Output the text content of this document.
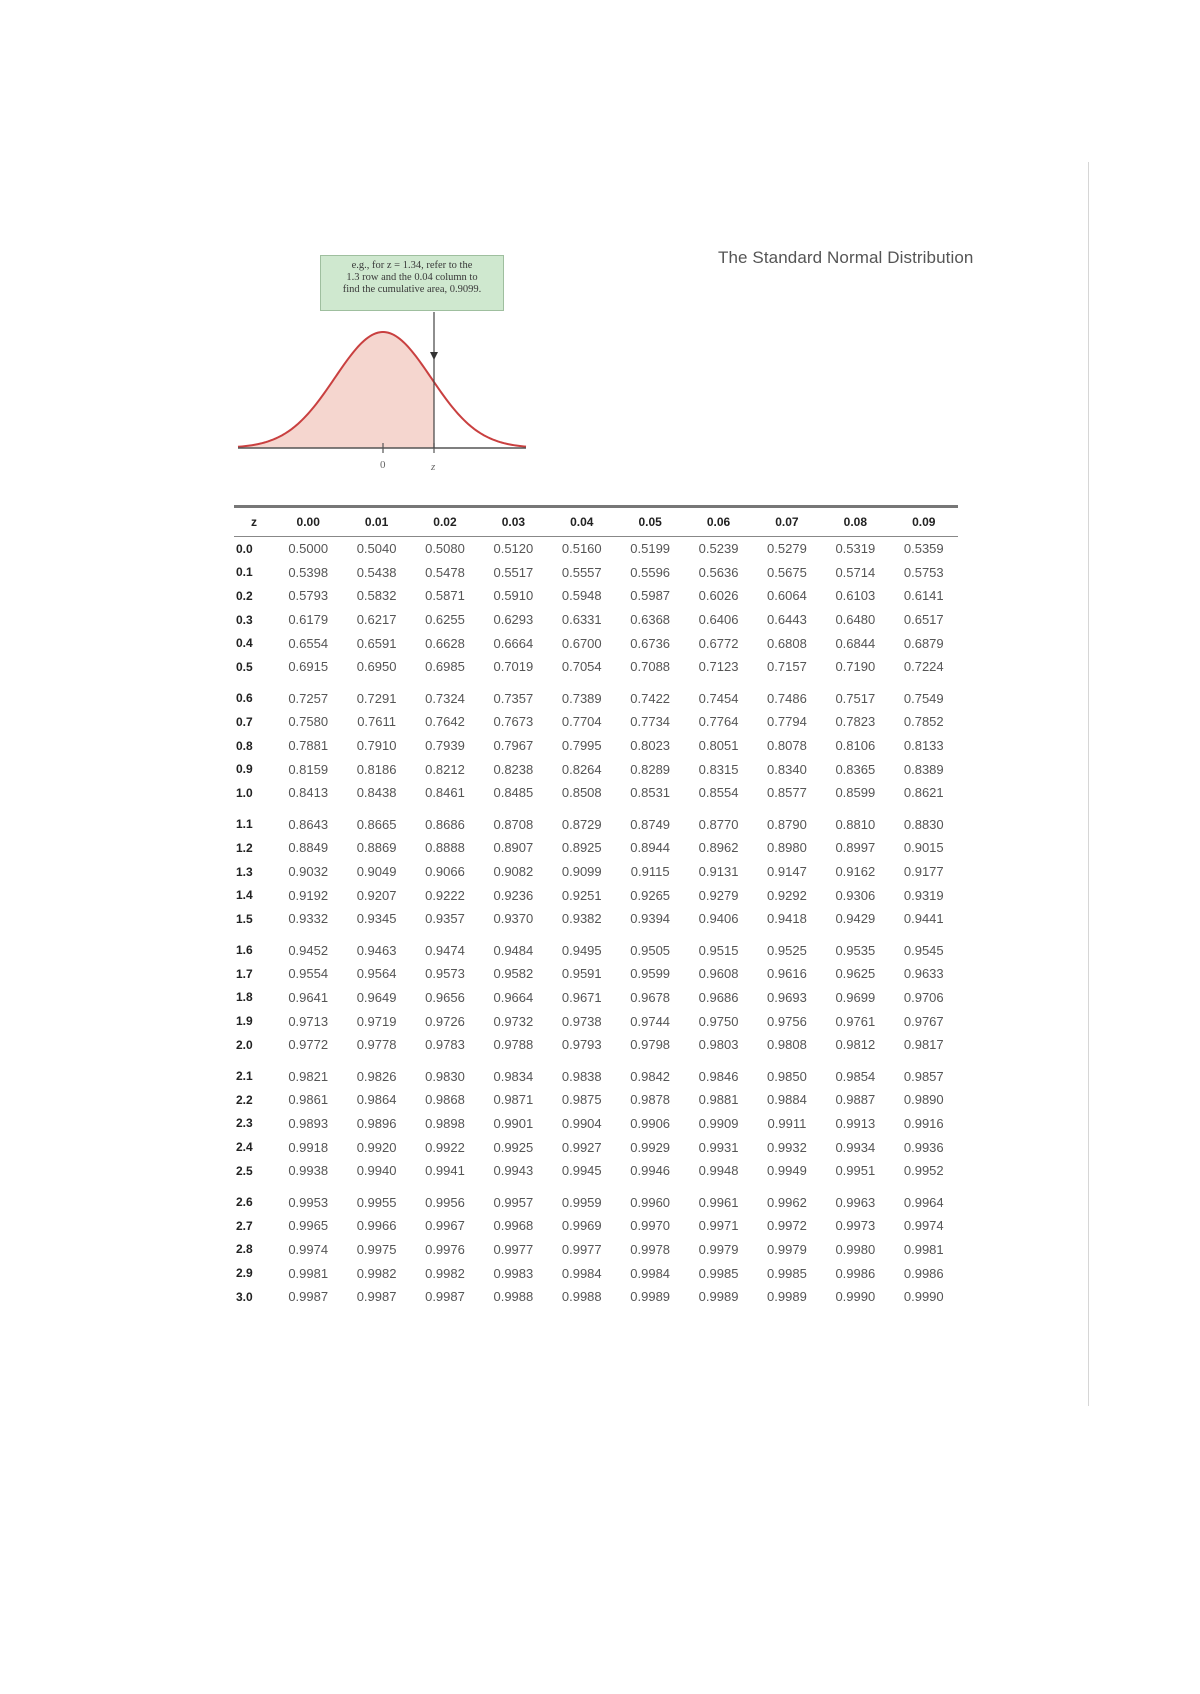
The Standard Normal Distribution
0	z
e.g., for z = 1.34, refer to the
1.3 row and the 0.04 column to
find the cumulative area, 0.9099.
z	0.00	0.01	0.02	0.03	0.04	0.05	0.06	0.07	0.08	0.09
0.0	0.5000	0.5040	0.5080	0.5120	0.5160	0.5199	0.5239	0.5279	0.5319	0.5359
0.1	0.5398	0.5438	0.5478	0.5517	0.5557	0.5596	0.5636	0.5675	0.5714	0.5753
0.2	0.5793	0.5832	0.5871	0.5910	0.5948	0.5987	0.6026	0.6064	0.6103	0.6141
0.3	0.6179	0.6217	0.6255	0.6293	0.6331	0.6368	0.6406	0.6443	0.6480	0.6517
0.4	0.6554	0.6591	0.6628	0.6664	0.6700	0.6736	0.6772	0.6808	0.6844	0.6879
0.5	0.6915	0.6950	0.6985	0.7019	0.7054	0.7088	0.7123	0.7157	0.7190	0.7224

0.6	0.7257	0.7291	0.7324	0.7357	0.7389	0.7422	0.7454	0.7486	0.7517	0.7549
0.7	0.7580	0.7611	0.7642	0.7673	0.7704	0.7734	0.7764	0.7794	0.7823	0.7852
0.8	0.7881	0.7910	0.7939	0.7967	0.7995	0.8023	0.8051	0.8078	0.8106	0.8133
0.9	0.8159	0.8186	0.8212	0.8238	0.8264	0.8289	0.8315	0.8340	0.8365	0.8389
1.0	0.8413	0.8438	0.8461	0.8485	0.8508	0.8531	0.8554	0.8577	0.8599	0.8621

1.1	0.8643	0.8665	0.8686	0.8708	0.8729	0.8749	0.8770	0.8790	0.8810	0.8830
1.2	0.8849	0.8869	0.8888	0.8907	0.8925	0.8944	0.8962	0.8980	0.8997	0.9015
1.3	0.9032	0.9049	0.9066	0.9082	0.9099	0.9115	0.9131	0.9147	0.9162	0.9177
1.4	0.9192	0.9207	0.9222	0.9236	0.9251	0.9265	0.9279	0.9292	0.9306	0.9319
1.5	0.9332	0.9345	0.9357	0.9370	0.9382	0.9394	0.9406	0.9418	0.9429	0.9441

1.6	0.9452	0.9463	0.9474	0.9484	0.9495	0.9505	0.9515	0.9525	0.9535	0.9545
1.7	0.9554	0.9564	0.9573	0.9582	0.9591	0.9599	0.9608	0.9616	0.9625	0.9633
1.8	0.9641	0.9649	0.9656	0.9664	0.9671	0.9678	0.9686	0.9693	0.9699	0.9706
1.9	0.9713	0.9719	0.9726	0.9732	0.9738	0.9744	0.9750	0.9756	0.9761	0.9767
2.0	0.9772	0.9778	0.9783	0.9788	0.9793	0.9798	0.9803	0.9808	0.9812	0.9817

2.1	0.9821	0.9826	0.9830	0.9834	0.9838	0.9842	0.9846	0.9850	0.9854	0.9857
2.2	0.9861	0.9864	0.9868	0.9871	0.9875	0.9878	0.9881	0.9884	0.9887	0.9890
2.3	0.9893	0.9896	0.9898	0.9901	0.9904	0.9906	0.9909	0.9911	0.9913	0.9916
2.4	0.9918	0.9920	0.9922	0.9925	0.9927	0.9929	0.9931	0.9932	0.9934	0.9936
2.5	0.9938	0.9940	0.9941	0.9943	0.9945	0.9946	0.9948	0.9949	0.9951	0.9952

2.6	0.9953	0.9955	0.9956	0.9957	0.9959	0.9960	0.9961	0.9962	0.9963	0.9964
2.7	0.9965	0.9966	0.9967	0.9968	0.9969	0.9970	0.9971	0.9972	0.9973	0.9974
2.8	0.9974	0.9975	0.9976	0.9977	0.9977	0.9978	0.9979	0.9979	0.9980	0.9981
2.9	0.9981	0.9982	0.9982	0.9983	0.9984	0.9984	0.9985	0.9985	0.9986	0.9986
3.0	0.9987	0.9987	0.9987	0.9988	0.9988	0.9989	0.9989	0.9989	0.9990	0.9990
